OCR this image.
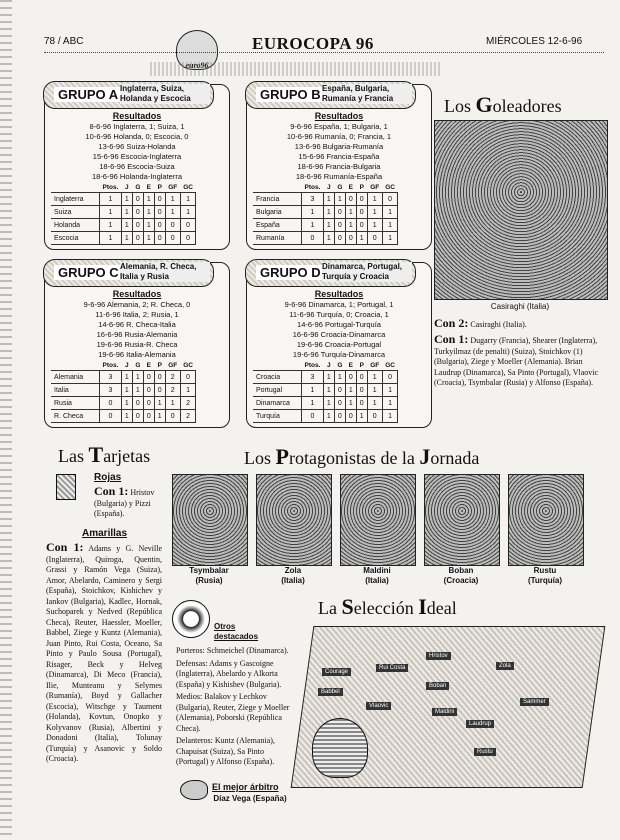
78 / ABC
euro96
EUROCOPA 96	MIÉRCOLES 12-6-96
GRUPO A Inglaterra, Suiza, Holanda y Escocia
Resultados
8-6-96 Inglaterra, 1; Suiza, 1
10-6-96 Holanda, 0; Escocia, 0
13-6-96 Suiza-Holanda
15-6-96 Escocia-Inglaterra
18-6-96 Escocia-Suiza
18-6-96 Holanda-Inglaterra
	Ptos.	J	G	E	P	GF	GC
Inglaterra	1	1	0	1	0	1	1
Suiza	1	1	0	1	0	1	1
Holanda	1	1	0	1	0	0	0
Escocia	1	1	0	1	0	0	0
GRUPO B España, Bulgaria, Rumanía y Francia
Resultados
9-6-96 España, 1; Bulgaria, 1
10-6-96 Rumanía, 0; Francia, 1
13-6-96 Bulgaria-Rumanía
15-6-96 Francia-España
18-6-96 Francia-Bulgaria
18-6-96 Rumanía-España
	Ptos.	J	G	E	P	GF	GC
Francia	3	1	1	0	0	1	0
Bulgaria	1	1	0	1	0	1	1
España	1	1	0	1	0	1	1
Rumanía	0	1	0	0	1	0	1
GRUPO C Alemania, R. Checa, Italia y Rusia
Resultados
9-6-96 Alemania, 2; R. Checa, 0
11-6-96 Italia, 2; Rusia, 1
14-6-96 R. Checa-Italia
16-6-96 Rusia-Alemania
19-6-96 Rusia-R. Checa
19-6-96 Italia-Alemania
	Ptos.	J	G	E	P	GF	GC
Alemania	3	1	1	0	0	2	0
Italia	3	1	1	0	0	2	1
Rusia	0	1	0	0	1	1	2
R. Checa	0	1	0	0	1	0	2
GRUPO D Dinamarca, Portugal, Turquía y Croacia
Resultados
9-6-96 Dinamarca, 1; Portugal, 1
11-6-96 Turquía, 0; Croacia, 1
14-6-96 Portugal-Turquía
16-6-96 Croacia-Dinamarca
19-6-96 Croacia-Portugal
19-6-96 Turquía-Dinamarca
	Ptos.	J	G	E	P	GF	GC
Croacia	3	1	1	0	0	1	0
Portugal	1	1	0	1	0	1	1
Dinamarca	1	1	0	1	0	1	1
Turquía	0	1	0	0	1	0	1
Los Goleadores
Casiraghi (Italia)
Con 2: Casiraghi (Italia).
Con 1: Dugarry (Francia), Shearer (Inglaterra), Turkyilmaz (de penalti) (Suiza), Stoichkov (1) (Bulgaria), Ziege y Moeller (Alemania). Brian Laudrup (Dinamarca), Sa Pinto (Portugal), Vlaovic (Croacia), Tsymbalar (Rusia) y Alfonso (España).
Las Tarjetas
Rojas
Con 1: Hristov (Bulgaria) y Pizzi (España).
Amarillas
Con 1: Adams y G. Neville (Inglaterra), Quiroga, Quentin, Grassi y Ramón Vega (Suiza), Amor, Abelardo, Caminero y Sergi (España), Stoichkov, Kishichev y Iankov (Bulgaria), Kadlec, Hornak, Suchoparek y Nedved (República Checa), Reuter, Haessler, Moeller, Babbel, Ziege y Kuntz (Alemania), Juan Pinto, Rui Costa, Oceano, Sa Pinto y Paulo Sousa (Portugal), Risager, Beck y Helveg (Dinamarca), Di Meco (Francia), Ilie, Munteanu y Selymes (Rumanía), Boyd y Gallacher (Escocia), Witschge y Taument (Holanda), Kovtun, Onopko y Kolyvanov (Rusia), Albertini y Donadoni (Italia), Tolunay (Turquía) y Asanovic y Soldo (Croacia).
Los Protagonistas de la Jornada
Tsymbalar
(Rusia)
Zola
(Italia)
Maldini
(Italia)
Boban
(Croacia)
Rustu
(Turquía)
La Selección Ideal
Otros destacados
Porteros: Schmeichel (Dinamarca).
Defensas: Adams y Gascoigne (Inglaterra), Abelardo y Alkorta (España) y Kishishev (Bulgaria).
Medios: Balakov y Lechkov (Bulgaria), Reuter, Ziege y Moeller (Alemania), Poborski (República Checa).
Delanteros: Kuntz (Alemania), Chapuisat (Suiza), Sa Pinto (Portugal) y Alfonso (España).
El mejor árbitro
Díaz Vega (España)
Courage
Hristov
Babbel
Rui Costa
Boban
Zola
Vlaovic
Maldini
Laudrup
Sammer
Rustu
